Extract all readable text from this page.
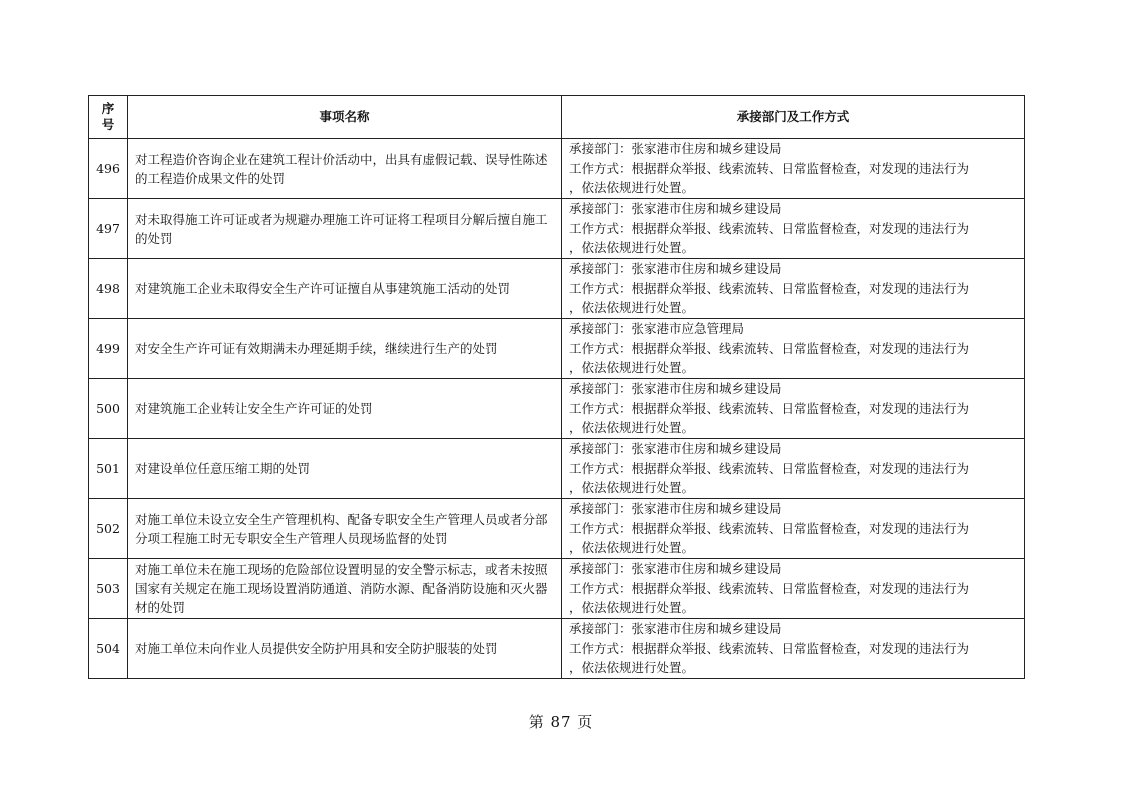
序号	事项名称	承接部门及工作方式
496	对工程造价咨询企业在建筑工程计价活动中，出具有虚假记载、误导性陈述的工程造价成果文件的处罚	承接部门：张家港市住房和城乡建设局
工作方式：根据群众举报、线索流转、日常监督检查，对发现的违法行为
，依法依规进行处置。

497	对未取得施工许可证或者为规避办理施工许可证将工程项目分解后擅自施工的处罚	承接部门：张家港市住房和城乡建设局
工作方式：根据群众举报、线索流转、日常监督检查，对发现的违法行为
，依法依规进行处置。

498	对建筑施工企业未取得安全生产许可证擅自从事建筑施工活动的处罚	承接部门：张家港市住房和城乡建设局
工作方式：根据群众举报、线索流转、日常监督检查，对发现的违法行为
，依法依规进行处置。

499	对安全生产许可证有效期满未办理延期手续，继续进行生产的处罚	承接部门：张家港市应急管理局
工作方式：根据群众举报、线索流转、日常监督检查，对发现的违法行为
，依法依规进行处置。

500	对建筑施工企业转让安全生产许可证的处罚	承接部门：张家港市住房和城乡建设局
工作方式：根据群众举报、线索流转、日常监督检查，对发现的违法行为
，依法依规进行处置。

501	对建设单位任意压缩工期的处罚	承接部门：张家港市住房和城乡建设局
工作方式：根据群众举报、线索流转、日常监督检查，对发现的违法行为
，依法依规进行处置。

502	对施工单位未设立安全生产管理机构、配备专职安全生产管理人员或者分部分项工程施工时无专职安全生产管理人员现场监督的处罚	承接部门：张家港市住房和城乡建设局
工作方式：根据群众举报、线索流转、日常监督检查，对发现的违法行为
，依法依规进行处置。

503	对施工单位未在施工现场的危险部位设置明显的安全警示标志，或者未按照国家有关规定在施工现场设置消防通道、消防水源、配备消防设施和灭火器材的处罚	承接部门：张家港市住房和城乡建设局
工作方式：根据群众举报、线索流转、日常监督检查，对发现的违法行为
，依法依规进行处置。

504	对施工单位未向作业人员提供安全防护用具和安全防护服装的处罚	承接部门：张家港市住房和城乡建设局
工作方式：根据群众举报、线索流转、日常监督检查，对发现的违法行为
，依法依规进行处置。
第 87 页
